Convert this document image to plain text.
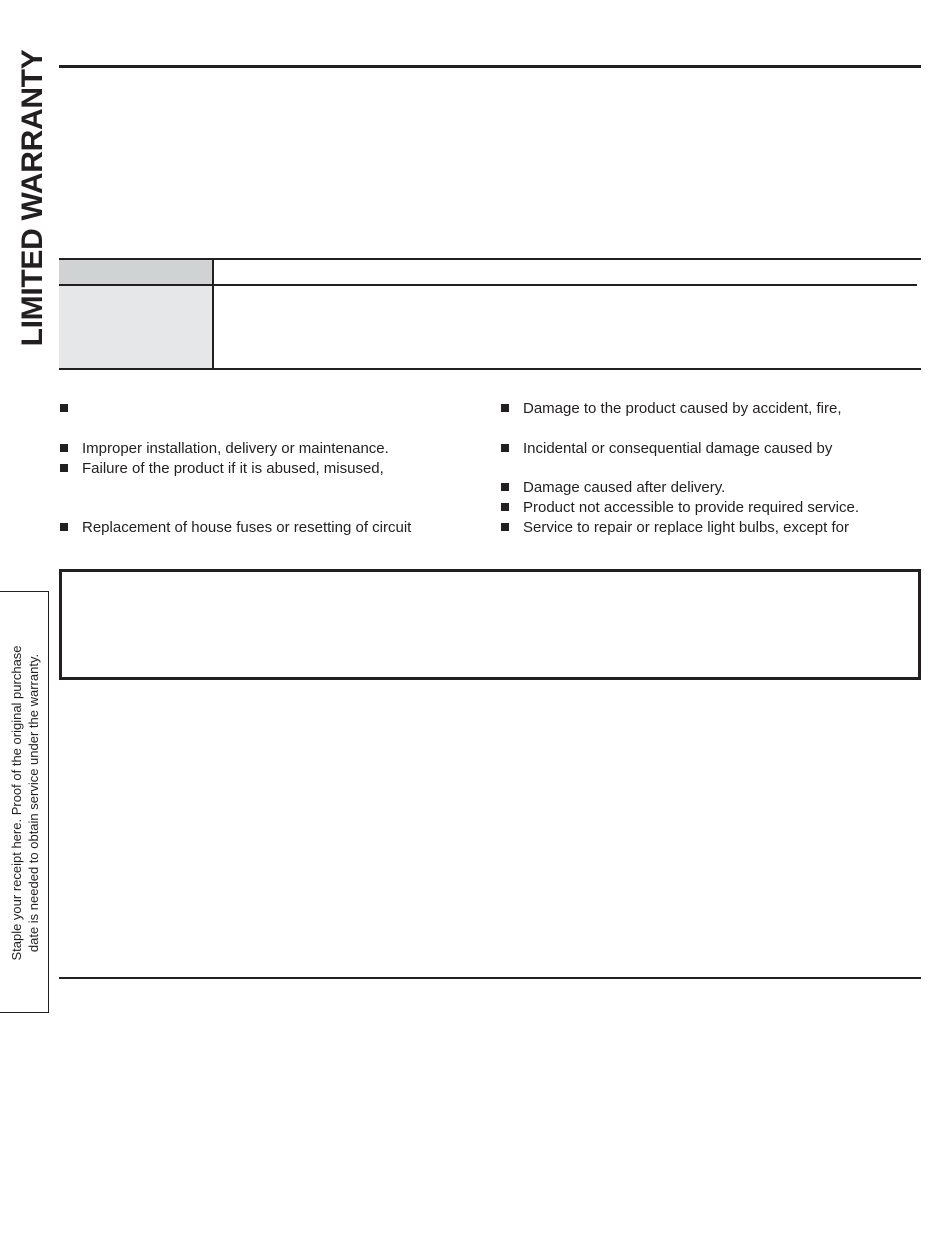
LIMITED WARRANTY
Improper installation, delivery or maintenance.
Failure of the product if it is abused, misused,
Replacement of house fuses or resetting of circuit
Damage to the product caused by accident, fire,
Incidental or consequential damage caused by
Damage caused after delivery.
Product not accessible to provide required service.
Service to repair or replace light bulbs, except for
Staple your receipt here. Proof of the original purchase date is needed to obtain service under the warranty.
